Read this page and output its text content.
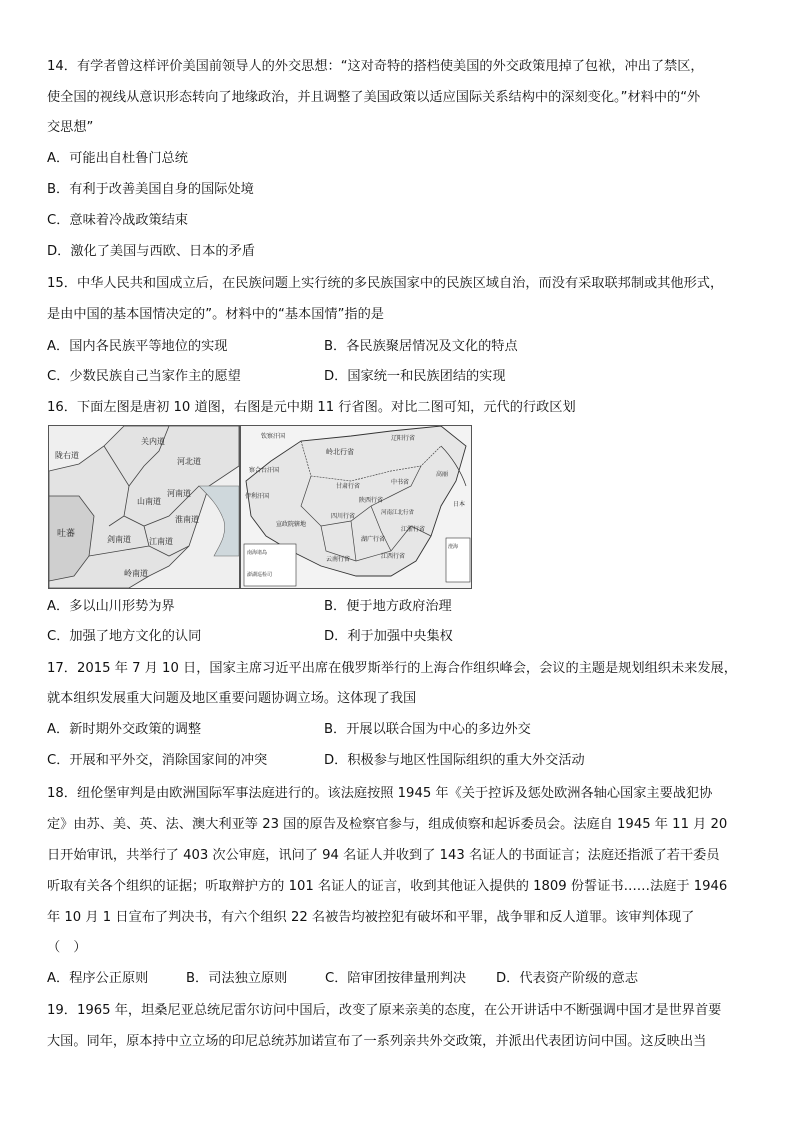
14．有学者曾这样评价美国前领导人的外交思想：“这对奇特的搭档使美国的外交政策甩掉了包袱，冲出了禁区，
使全国的视线从意识形态转向了地缘政治，并且调整了美国政策以适应国际关系结构中的深刻变化。”材料中的“外
交思想”
A．可能出自杜鲁门总统
B．有利于改善美国自身的国际处境
C．意味着冷战政策结束
D．激化了美国与西欧、日本的矛盾
15．中华人民共和国成立后，在民族问题上实行统的多民族国家中的民族区域自治，而没有采取联邦制或其他形式，
是由中国的基本国情决定的”。材料中的“基本国情”指的是
A．国内各民族平等地位的实现	B．各民族聚居情况及文化的特点
C．少数民族自己当家作主的愿望	D．国家统一和民族团结的实现
16．下面左图是唐初 10 道图，右图是元中期 11 行省图。对比二图可知，元代的行政区划
关内道
河北道
陇右道
河南道
山南道
剑南道
淮南道
江南道
岭南道
吐蕃
辽阳行省
岭北行省
钦察汗国
察合台汗国
甘肃行省
陕西行省
中书省
河南江北行省
四川行省
湖广行省
江浙行省
江西行省
云南行省
伊利汗国
宣政院辖地
日本
高丽
南海诸岛
澎湖巡检司
澄海
A．多以山川形势为界	B．便于地方政府治理
C．加强了地方文化的认同	D．利于加强中央集权
17．2015 年 7 月 10 日，国家主席习近平出席在俄罗斯举行的上海合作组织峰会，会议的主题是规划组织未来发展，
就本组织发展重大问题及地区重要问题协调立场。这体现了我国
A．新时期外交政策的调整	B．开展以联合国为中心的多边外交
C．开展和平外交，消除国家间的冲突	D．积极参与地区性国际组织的重大外交活动
18．纽伦堡审判是由欧洲国际军事法庭进行的。该法庭按照 1945 年《关于控诉及惩处欧洲各轴心国家主要战犯协
定》由苏、美、英、法、澳大利亚等 23 国的原告及检察官参与，组成侦察和起诉委员会。法庭自 1945 年 11 月 20
日开始审讯，共举行了 403 次公审庭，讯问了 94 名证人并收到了 143 名证人的书面证言；法庭还指派了若干委员
听取有关各个组织的证据；听取辩护方的 101 名证人的证言，收到其他证入提供的 1809 份誓证书……法庭于 1946
年 10 月 1 日宣布了判决书，有六个组织 22 名被告均被控犯有破坏和平罪，战争罪和反人道罪。该审判体现了
（　）
A．程序公正原则	B．司法独立原则	C．陪审团按律量刑判决 D．代表资产阶级的意志
19．1965 年，坦桑尼亚总统尼雷尔访问中国后，改变了原来亲美的态度，在公开讲话中不断强调中国才是世界首要
大国。同年，原本持中立立场的印尼总统苏加诺宣布了一系列亲共外交政策，并派出代表团访问中国。这反映出当
